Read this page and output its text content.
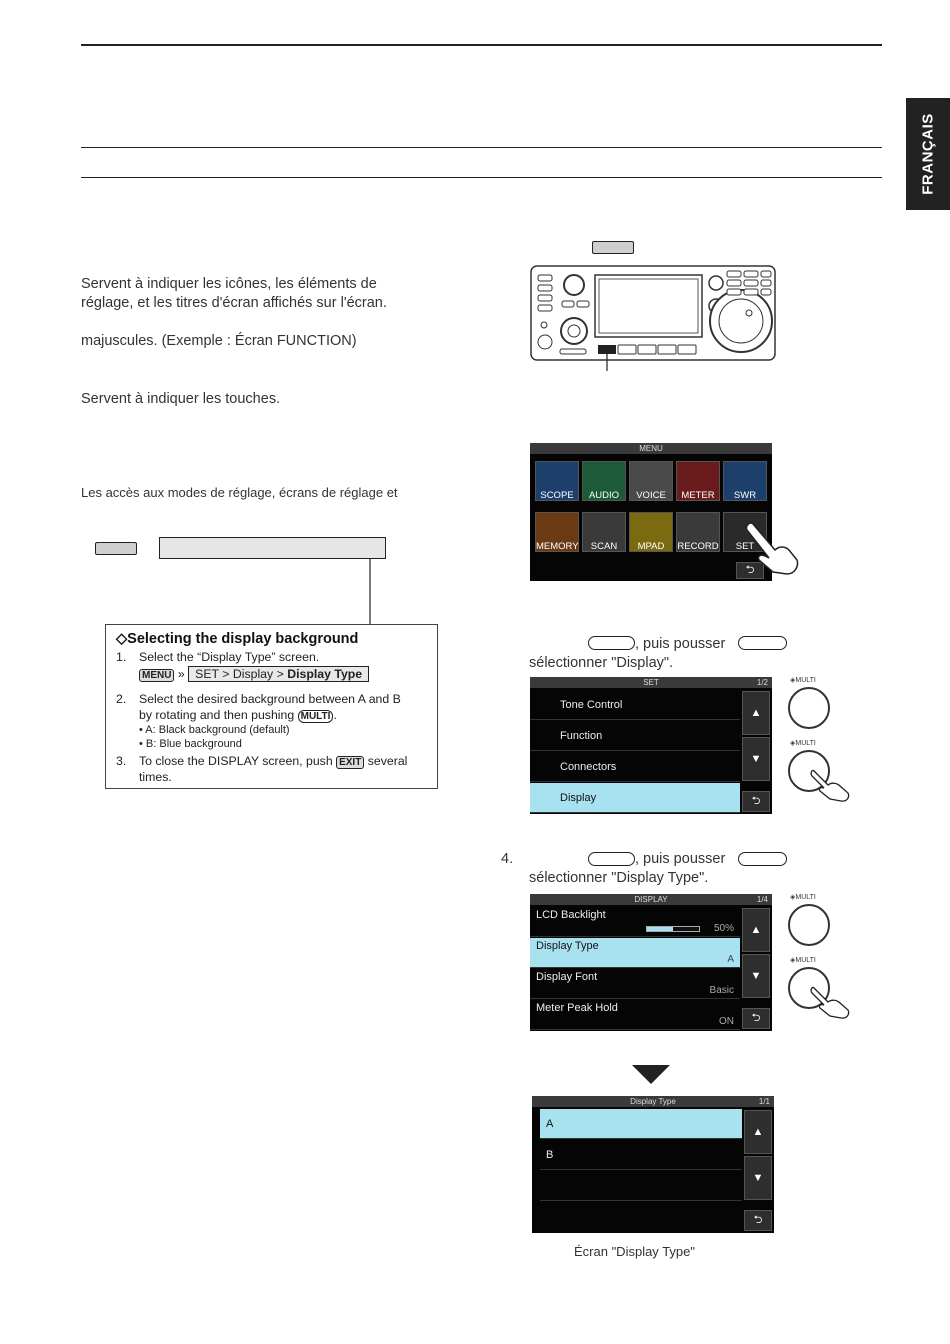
FRANÇAIS
Servent à indiquer les icônes, les éléments de
réglage, et les titres d'écran affichés sur l'écran.
majuscules. (Exemple : Écran FUNCTION)
Servent à indiquer les touches.
Les accès aux modes de réglage, écrans de réglage et
◇Selecting the display background
1. Select the “Display Type” screen.
MENU » SET > Display > Display Type
2. Select the desired background between A and B
by rotating and then pushing MULTI .
• A: Black background (default)
• B: Blue background
3. To close the DISPLAY screen, push EXIT several
times.
MENU
SCOPE	AUDIO	VOICE	METER	SWR
MEMORY	SCAN	MPAD	RECORD	SET
⮌
, puis pousser
sélectionner "Display".
SET	1/2
Tone Control
Function
Connectors
Display
▲
▼
⮌
◈MULTI
◈MULTI
4.	, puis pousser
sélectionner "Display Type".
DISPLAY	1/4
LCD Backlight
50%
Display Type
A
Display Font
Basic
Meter Peak Hold
ON
▲
▼
⮌
◈MULTI
◈MULTI
Display Type	1/1
A
B
▲
▼
⮌
Écran "Display Type"
